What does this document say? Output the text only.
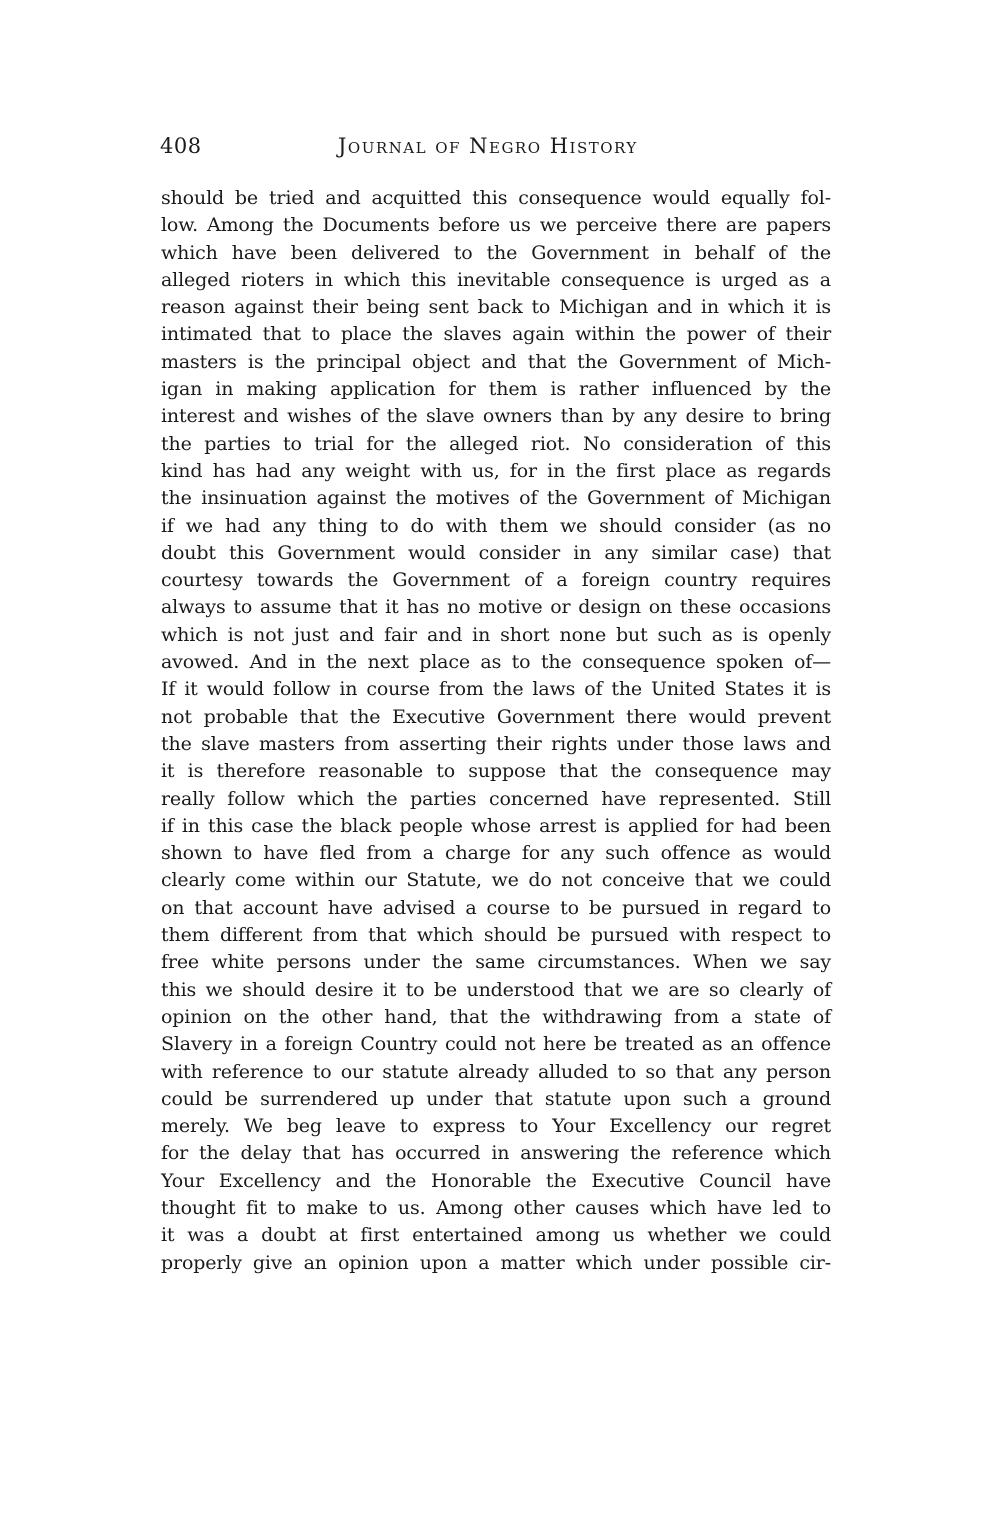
408	Journal of Negro History
should be tried and acquitted this consequence would equally fol-
low. Among the Documents before us we perceive there are papers
which have been delivered to the Government in behalf of the
alleged rioters in which this inevitable consequence is urged as a
reason against their being sent back to Michigan and in which it is
intimated that to place the slaves again within the power of their
masters is the principal object and that the Government of Mich-
igan in making application for them is rather influenced by the
interest and wishes of the slave owners than by any desire to bring
the parties to trial for the alleged riot. No consideration of this
kind has had any weight with us, for in the first place as regards
the insinuation against the motives of the Government of Michigan
if we had any thing to do with them we should consider (as no
doubt this Government would consider in any similar case) that
courtesy towards the Government of a foreign country requires
always to assume that it has no motive or design on these occasions
which is not just and fair and in short none but such as is openly
avowed. And in the next place as to the consequence spoken of—
If it would follow in course from the laws of the United States it is
not probable that the Executive Government there would prevent
the slave masters from asserting their rights under those laws and
it is therefore reasonable to suppose that the consequence may
really follow which the parties concerned have represented. Still
if in this case the black people whose arrest is applied for had been
shown to have fled from a charge for any such offence as would
clearly come within our Statute, we do not conceive that we could
on that account have advised a course to be pursued in regard to
them different from that which should be pursued with respect to
free white persons under the same circumstances. When we say
this we should desire it to be understood that we are so clearly of
opinion on the other hand, that the withdrawing from a state of
Slavery in a foreign Country could not here be treated as an offence
with reference to our statute already alluded to so that any person
could be surrendered up under that statute upon such a ground
merely. We beg leave to express to Your Excellency our regret
for the delay that has occurred in answering the reference which
Your Excellency and the Honorable the Executive Council have
thought fit to make to us. Among other causes which have led to
it was a doubt at first entertained among us whether we could
properly give an opinion upon a matter which under possible cir-
